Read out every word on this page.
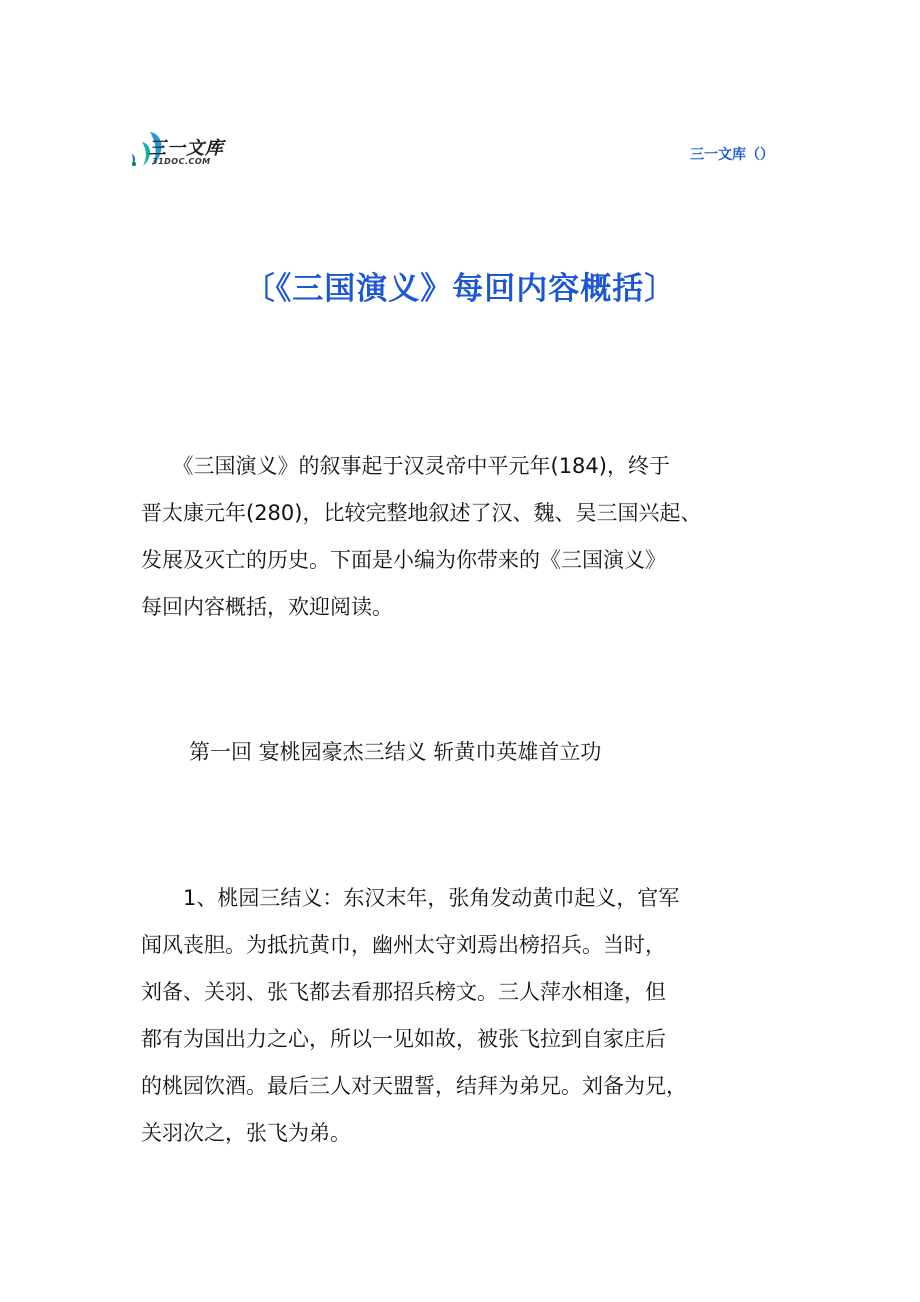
三一文库
31DOC.COM	三一文库（）
〔《三国演义》每回内容概括〕

　　《三国演义》的叙事起于汉灵帝中平元年(184)，终于

晋太康元年(280)，比较完整地叙述了汉、魏、吴三国兴起、

发展及灭亡的历史。下面是小编为你带来的《三国演义》

每回内容概括，欢迎阅读。

第一回 宴桃园豪杰三结义 斩黄巾英雄首立功

　　1、桃园三结义：东汉末年，张角发动黄巾起义，官军

闻风丧胆。为抵抗黄巾，幽州太守刘焉出榜招兵。当时，

刘备、关羽、张飞都去看那招兵榜文。三人萍水相逢，但

都有为国出力之心，所以一见如故，被张飞拉到自家庄后

的桃园饮酒。最后三人对天盟誓，结拜为弟兄。刘备为兄，

关羽次之，张飞为弟。
